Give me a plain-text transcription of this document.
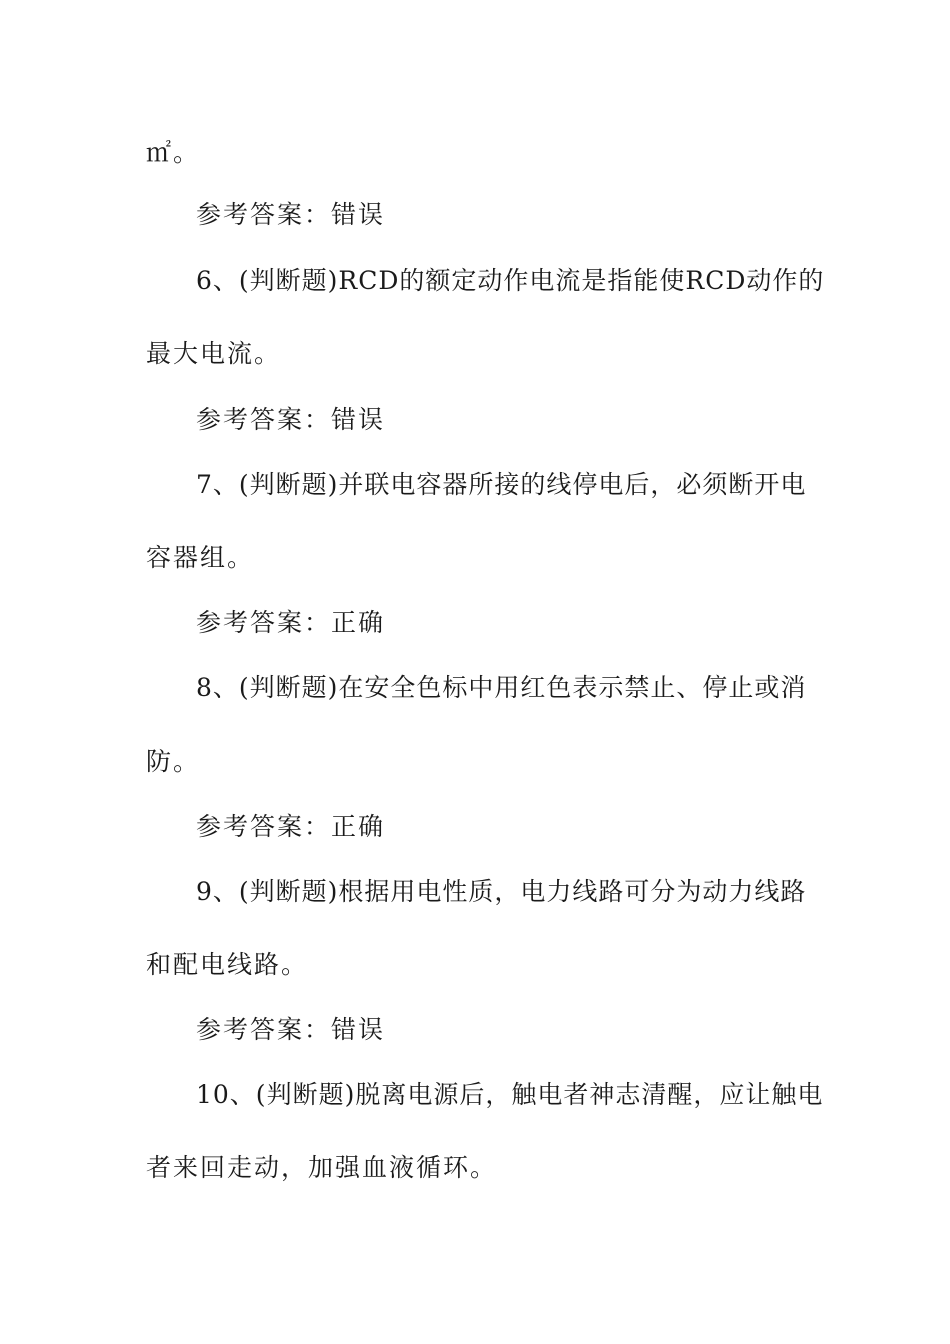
㎡。
参考答案：错误
6、(判断题)RCD的额定动作电流是指能使RCD动作的
最大电流。
参考答案：错误
7、(判断题)并联电容器所接的线停电后，必须断开电
容器组。
参考答案：正确
8、(判断题)在安全色标中用红色表示禁止、停止或消
防。
参考答案：正确
9、(判断题)根据用电性质，电力线路可分为动力线路
和配电线路。
参考答案：错误
10、(判断题)脱离电源后，触电者神志清醒，应让触电
者来回走动，加强血液循环。
